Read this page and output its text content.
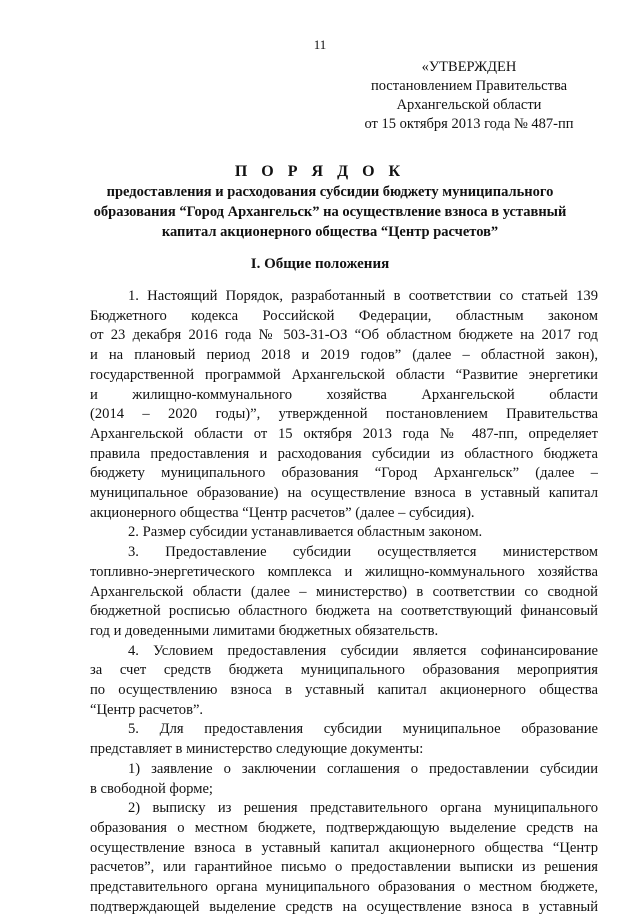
11
«УТВЕРЖДЕН
постановлением Правительства
Архангельской области
от 15 октября 2013 года № 487-пп
П О Р Я Д О К
предоставления и расходования субсидии бюджету муниципального
образования “Город Архангельск” на осуществление взноса в уставный
капитал акционерного общества “Центр расчетов”
I. Общие положения
1. Настоящий Порядок, разработанный в соответствии со статьей 139
Бюджетного кодекса Российской Федерации, областным законом
от 23 декабря 2016 года № 503-31-ОЗ “Об областном бюджете на 2017 год
и на плановый период 2018 и 2019 годов” (далее – областной закон),
государственной программой Архангельской области “Развитие энергетики
и жилищно-коммунального хозяйства Архангельской области
(2014 – 2020 годы)”, утвержденной постановлением Правительства
Архангельской области от 15 октября 2013 года № 487-пп, определяет
правила предоставления и расходования субсидии из областного бюджета
бюджету муниципального образования “Город Архангельск” (далее –
муниципальное образование) на осуществление взноса в уставный капитал
акционерного общества “Центр расчетов” (далее – субсидия).
2. Размер субсидии устанавливается областным законом.
3. Предоставление субсидии осуществляется министерством
топливно-энергетического комплекса и жилищно-коммунального хозяйства
Архангельской области (далее – министерство) в соответствии со сводной
бюджетной росписью областного бюджета на соответствующий финансовый
год и доведенными лимитами бюджетных обязательств.
4. Условием предоставления субсидии является софинансирование
за счет средств бюджета муниципального образования мероприятия
по осуществлению взноса в уставный капитал акционерного общества
“Центр расчетов”.
5. Для предоставления субсидии муниципальное образование
представляет в министерство следующие документы:
1) заявление о заключении соглашения о предоставлении субсидии
в свободной форме;
2) выписку из решения представительного органа муниципального
образования о местном бюджете, подтверждающую выделение средств на
осуществление взноса в уставный капитал акционерного общества “Центр
расчетов”, или гарантийное письмо о предоставлении выписки из решения
представительного органа муниципального образования о местном бюджете,
подтверждающей выделение средств на осуществление взноса в уставный
